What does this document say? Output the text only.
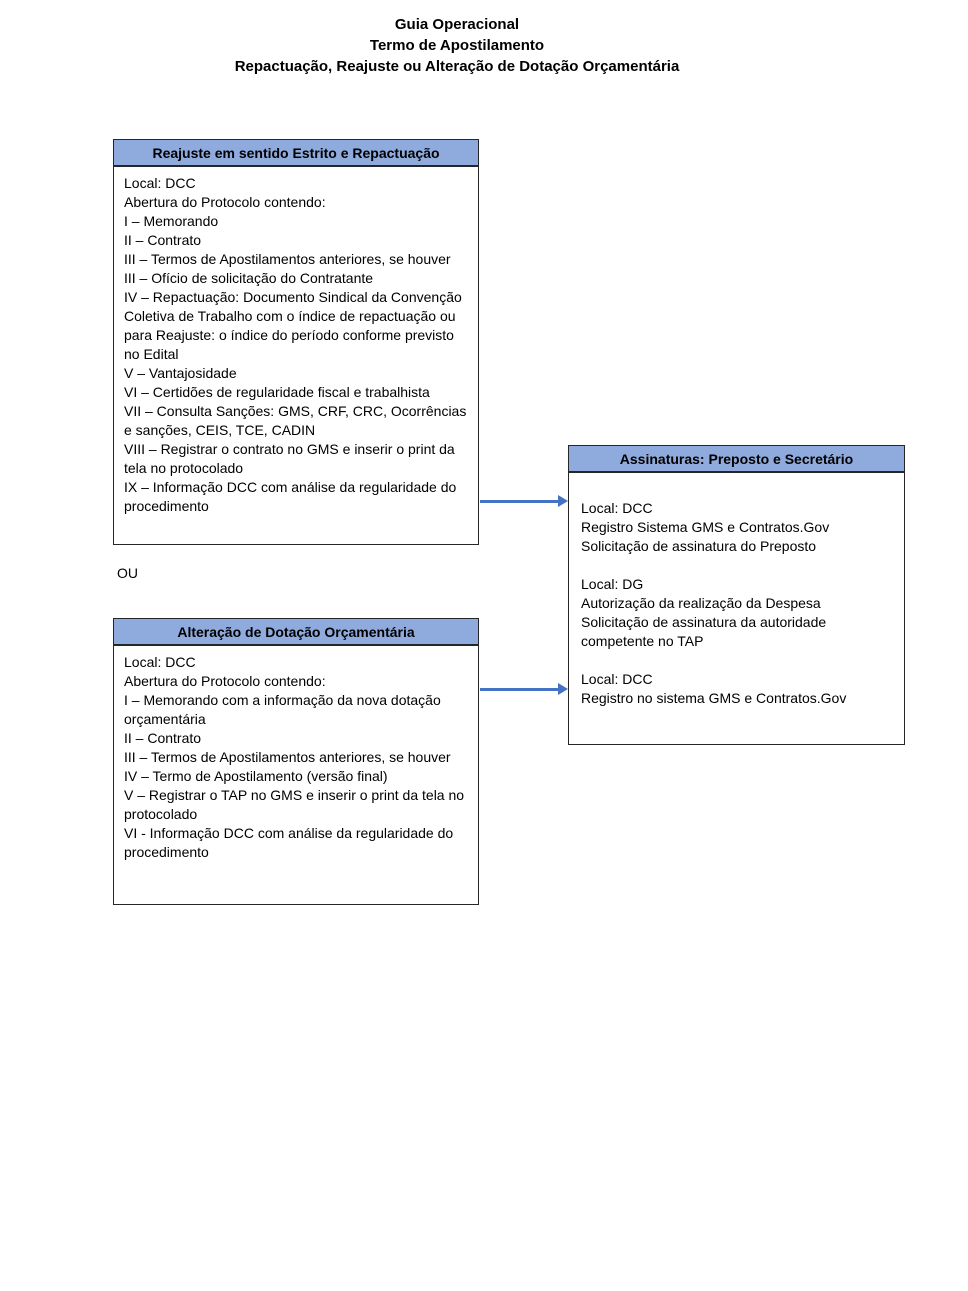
Guia Operacional
Termo de Apostilamento
Repactuação, Reajuste ou Alteração de Dotação Orçamentária
Reajuste em sentido Estrito e Repactuação
Local: DCC
Abertura do Protocolo contendo:
I – Memorando
II – Contrato
III – Termos de Apostilamentos anteriores, se houver
III – Ofício de solicitação do Contratante
IV – Repactuação: Documento Sindical da Convenção Coletiva de Trabalho com o índice de repactuação ou para Reajuste: o índice do período conforme previsto no Edital
V – Vantajosidade
VI – Certidões de regularidade fiscal e trabalhista
VII – Consulta Sanções: GMS, CRF, CRC, Ocorrências e sanções, CEIS, TCE, CADIN
VIII – Registrar o contrato no GMS e inserir o print da tela no protocolado
IX – Informação DCC com análise da regularidade do procedimento
OU
Alteração de Dotação Orçamentária
Local: DCC
Abertura do Protocolo contendo:
I – Memorando com a informação da nova dotação orçamentária
II – Contrato
III – Termos de Apostilamentos anteriores, se houver
IV – Termo de Apostilamento (versão final)
V – Registrar o TAP no GMS e inserir o print da tela no protocolado
VI - Informação DCC com análise da regularidade do procedimento
Assinaturas: Preposto e Secretário
Local: DCC
Registro Sistema GMS e Contratos.Gov
Solicitação de assinatura do Preposto
Local: DG
Autorização da realização da Despesa
Solicitação de assinatura da autoridade competente no TAP
Local: DCC
Registro no sistema GMS e Contratos.Gov
